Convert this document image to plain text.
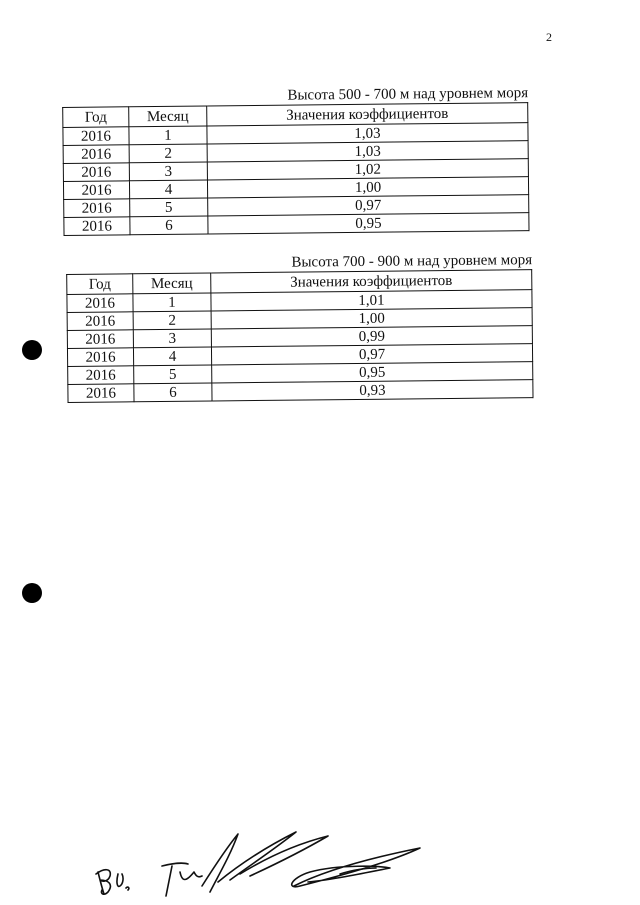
2
Высота 500 - 700 м над уровнем моря
Год	Месяц	Значения коэффициентов
2016	1	1,03
2016	2	1,03
2016	3	1,02
2016	4	1,00
2016	5	0,97
2016	6	0,95
Высота 700 - 900 м над уровнем моря
Год	Месяц	Значения коэффициентов
2016	1	1,01
2016	2	1,00
2016	3	0,99
2016	4	0,97
2016	5	0,95
2016	6	0,93
